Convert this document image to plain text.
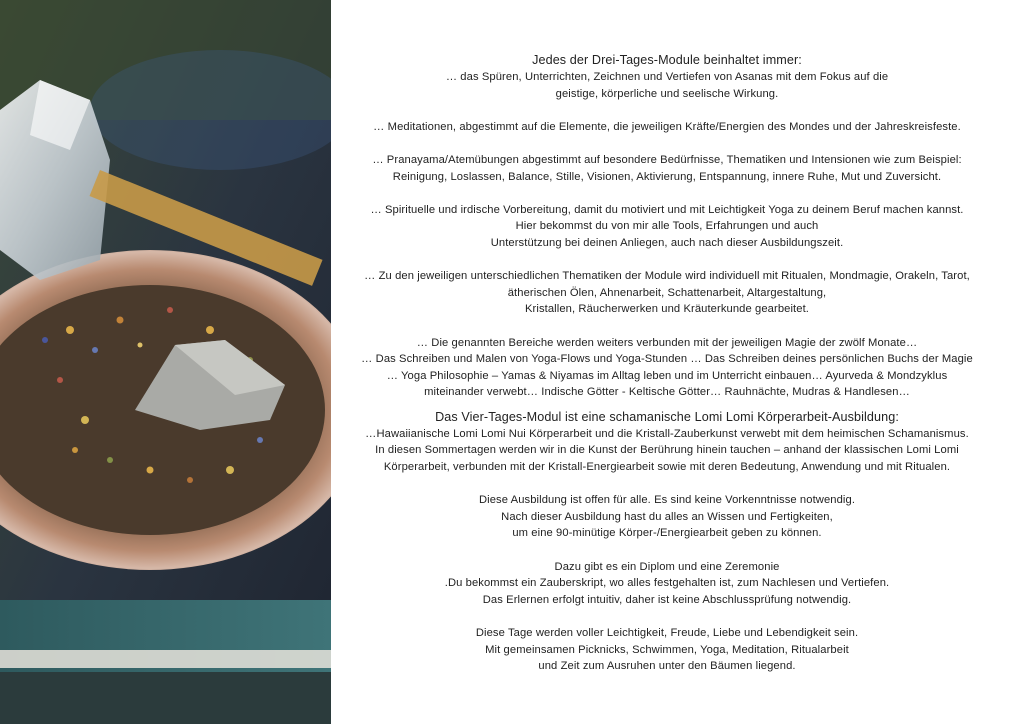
Jedes der Drei-Tages-Module beinhaltet immer:

… das Spüren, Unterrichten, Zeichnen und Vertiefen von Asanas mit dem Fokus auf die
geistige, körperliche und seelische Wirkung.

… Meditationen, abgestimmt auf die Elemente, die jeweiligen Kräfte/Energien des Mondes und der Jahreskreisfeste.

… Pranayama/Atemübungen abgestimmt auf besondere Bedürfnisse, Thematiken und Intensionen wie zum Beispiel:
Reinigung, Loslassen, Balance, Stille, Visionen, Aktivierung, Entspannung, innere Ruhe, Mut und Zuversicht.

… Spirituelle und irdische Vorbereitung, damit du motiviert und mit Leichtigkeit Yoga zu deinem Beruf machen kannst.
Hier bekommst du von mir alle Tools, Erfahrungen und auch
Unterstützung bei deinen Anliegen, auch nach dieser Ausbildungszeit.

… Zu den jeweiligen unterschiedlichen Thematiken der Module wird individuell mit Ritualen, Mondmagie, Orakeln, Tarot,
ätherischen Ölen, Ahnenarbeit, Schattenarbeit, Altargestaltung,
Kristallen, Räucherwerken und Kräuterkunde gearbeitet.

… Die genannten Bereiche werden weiters verbunden mit der jeweiligen Magie der zwölf Monate…
… Das Schreiben und Malen von Yoga-Flows und Yoga-Stunden … Das Schreiben deines persönlichen Buchs der Magie
… Yoga Philosophie – Yamas & Niyamas im Alltag leben und im Unterricht einbauen… Ayurveda & Mondzyklus
miteinander verwebt… Indische Götter - Keltische Götter… Rauhnächte, Mudras & Handlesen…

Das Vier-Tages-Modul ist eine schamanische Lomi Lomi Körperarbeit-Ausbildung:

…Hawaiianische Lomi Lomi Nui Körperarbeit und die Kristall-Zauberkunst verwebt mit dem heimischen Schamanismus.
In diesen Sommertagen werden wir in die Kunst der Berührung hinein tauchen – anhand der klassischen Lomi Lomi
Körperarbeit, verbunden mit der Kristall-Energiearbeit sowie mit deren Bedeutung, Anwendung und mit Ritualen.

Diese Ausbildung ist offen für alle. Es sind keine Vorkenntnisse notwendig.
Nach dieser Ausbildung hast du alles an Wissen und Fertigkeiten,
um eine 90-minütige Körper-/Energiearbeit geben zu können.

Dazu gibt es ein Diplom und eine Zeremonie
.Du bekommst ein Zauberskript, wo alles festgehalten ist, zum Nachlesen und Vertiefen.
Das Erlernen erfolgt intuitiv, daher ist keine Abschlussprüfung notwendig.

Diese Tage werden voller Leichtigkeit, Freude, Liebe und Lebendigkeit sein.
Mit gemeinsamen Picknicks, Schwimmen, Yoga, Meditation, Ritualarbeit
und Zeit zum Ausruhen unter den Bäumen liegend.
